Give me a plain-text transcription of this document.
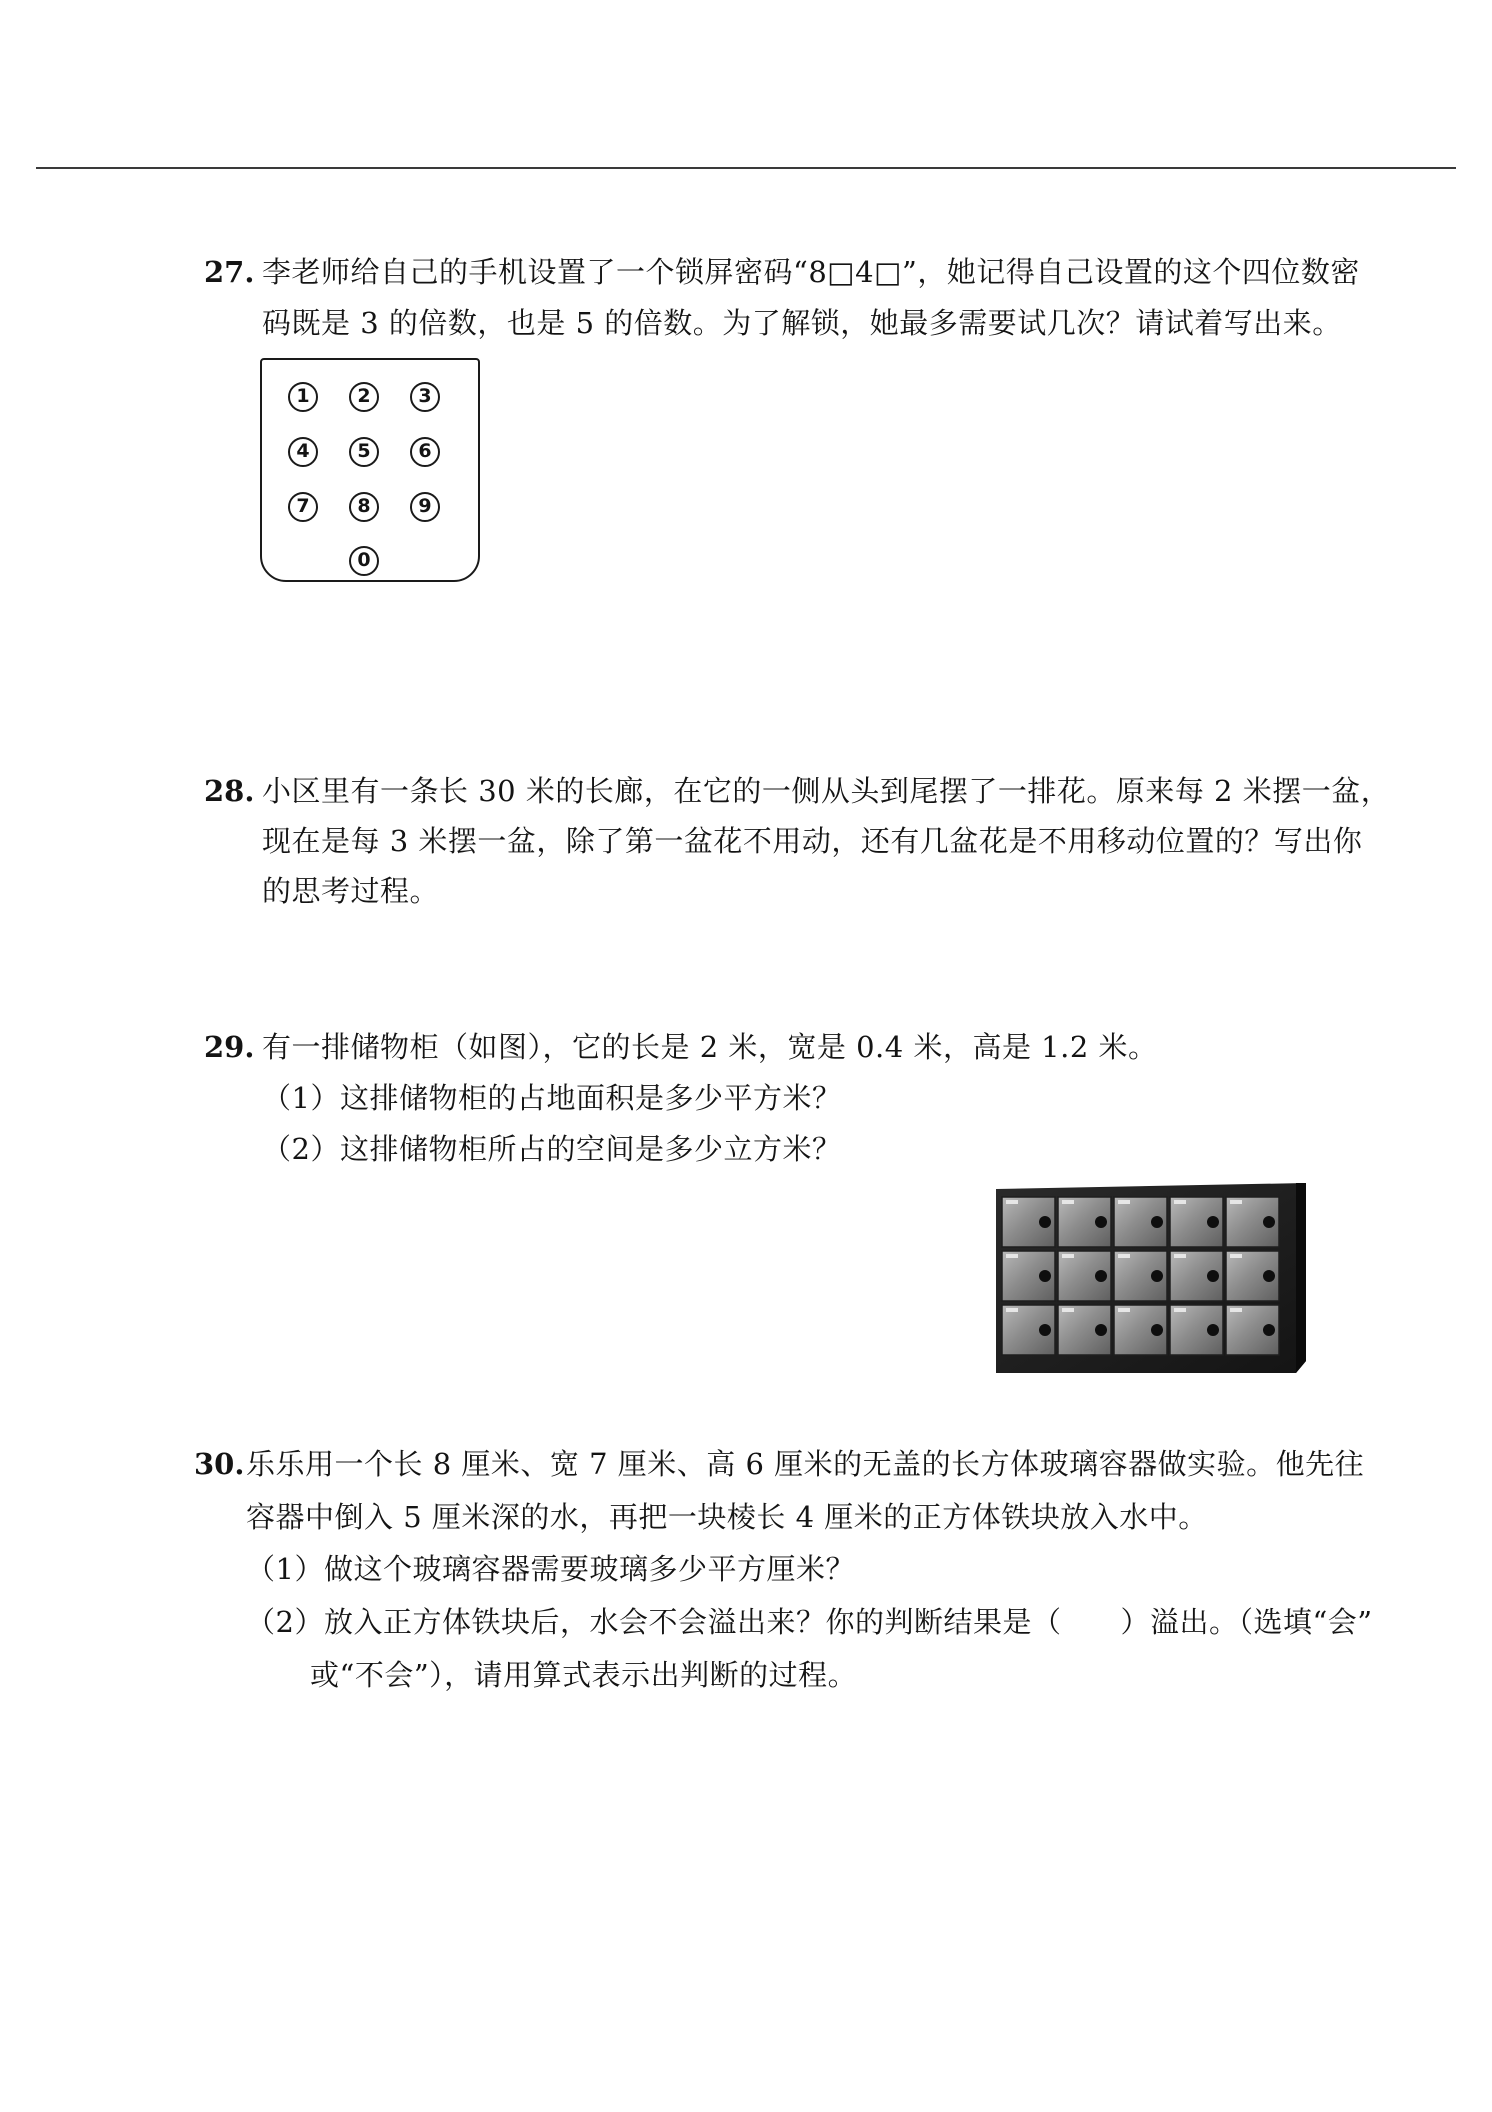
27. 李老师给自己的手机设置了一个锁屏密码“8□4□”，她记得自己设置的这个四位数密
码既是 3 的倍数，也是 5 的倍数。为了解锁，她最多需要试几次？请试着写出来。
1	2	3
4	5	6
7	8	9
0
28. 小区里有一条长 30 米的长廊，在它的一侧从头到尾摆了一排花。原来每 2 米摆一盆，
现在是每 3 米摆一盆，除了第一盆花不用动，还有几盆花是不用移动位置的？写出你
的思考过程。
29. 有一排储物柜（如图），它的长是 2 米，宽是 0.4 米，高是 1.2 米。
（1）这排储物柜的占地面积是多少平方米？
（2）这排储物柜所占的空间是多少立方米？
30. 乐乐用一个长 8 厘米、宽 7 厘米、高 6 厘米的无盖的长方体玻璃容器做实验。他先往
容器中倒入 5 厘米深的水，再把一块棱长 4 厘米的正方体铁块放入水中。
（1）做这个玻璃容器需要玻璃多少平方厘米？
（2）放入正方体铁块后，水会不会溢出来？你的判断结果是（　　）溢出。（选填“会”
或“不会”），请用算式表示出判断的过程。
